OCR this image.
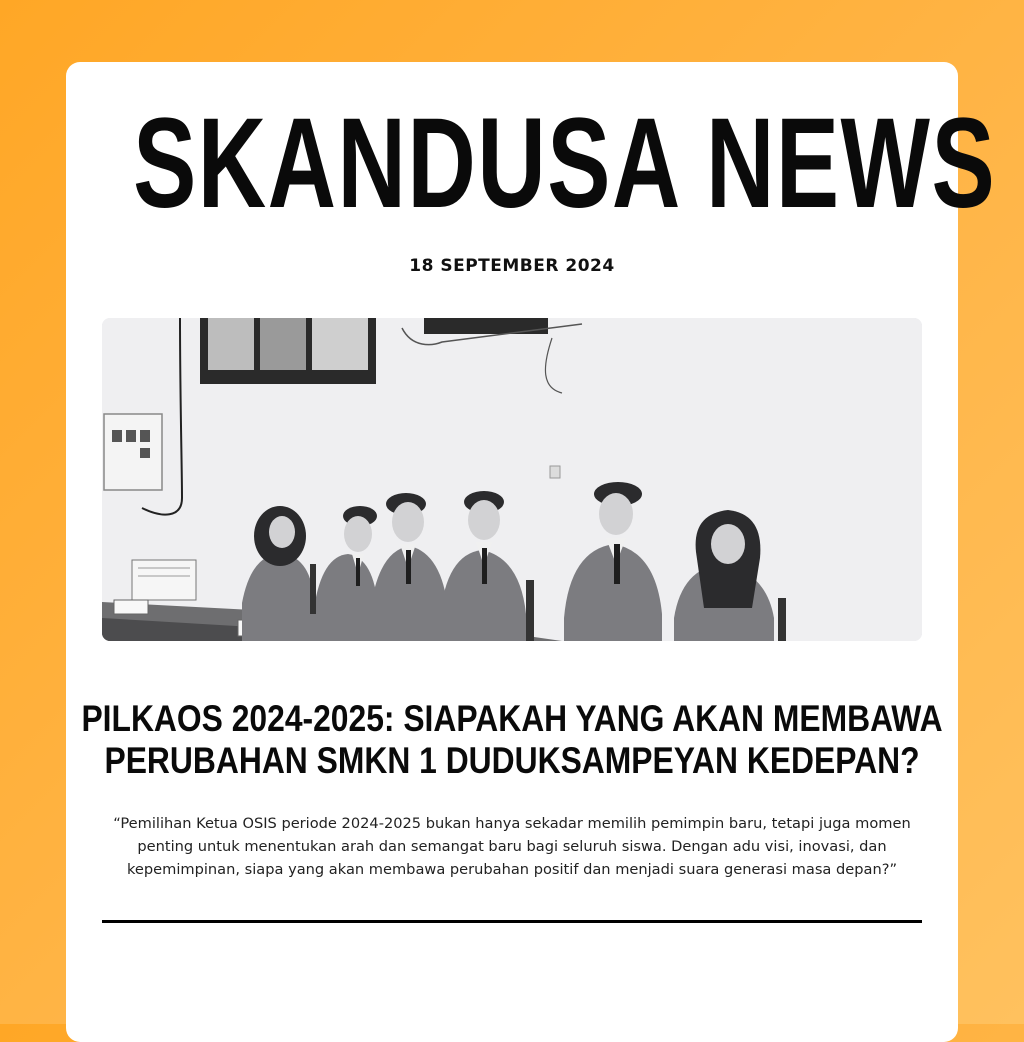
SKANDUSA NEWS
18 SEPTEMBER 2024
PILKAOS 2024-2025: SIAPAKAH YANG AKAN MEMBAWA
PERUBAHAN SMKN 1 DUDUKSAMPEYAN KEDEPAN?
“Pemilihan Ketua OSIS periode 2024-2025 bukan hanya sekadar memilih pemimpin baru, tetapi juga momen penting untuk menentukan arah dan semangat baru bagi seluruh siswa. Dengan adu visi, inovasi, dan kepemimpinan, siapa yang akan membawa perubahan positif dan menjadi suara generasi masa depan?”
